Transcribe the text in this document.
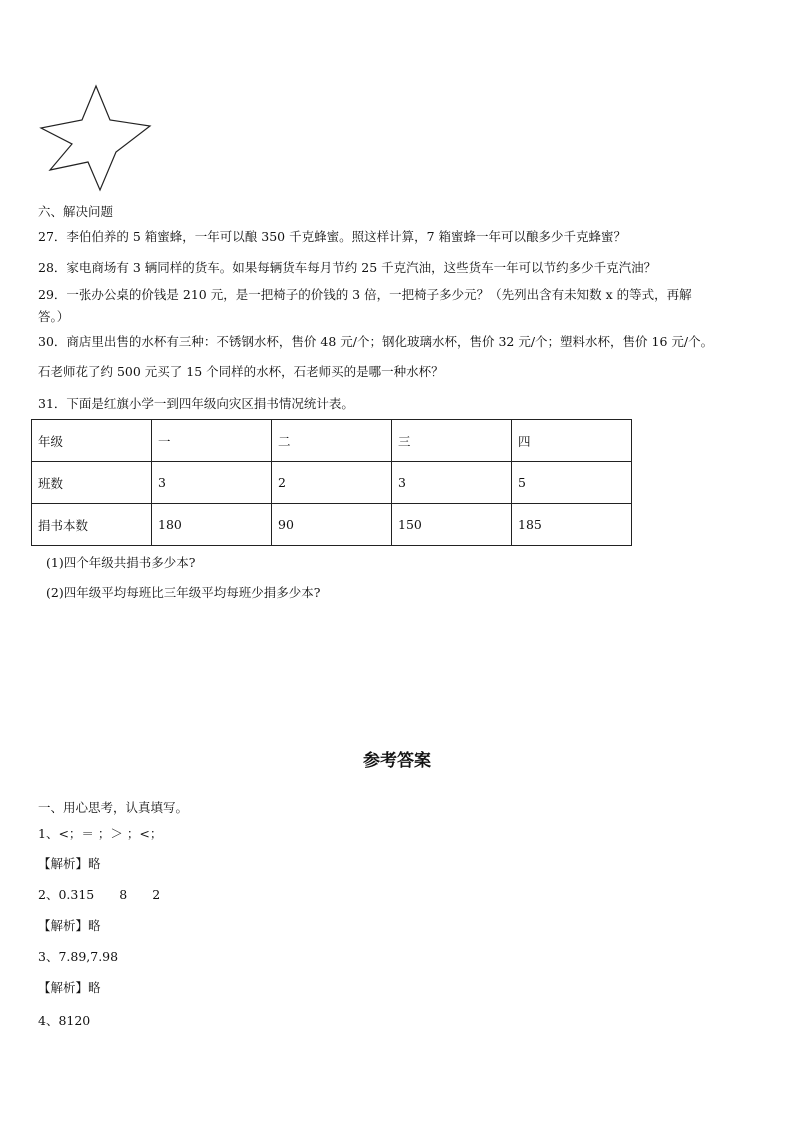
六、解决问题
27．李伯伯养的 5 箱蜜蜂，一年可以酿 350 千克蜂蜜。照这样计算，7 箱蜜蜂一年可以酿多少千克蜂蜜？
28．家电商场有 3 辆同样的货车。如果每辆货车每月节约 25 千克汽油，这些货车一年可以节约多少千克汽油？
29．一张办公桌的价钱是 210 元，是一把椅子的价钱的 3 倍，一把椅子多少元？（先列出含有未知数 x 的等式，再解
答。）
30．商店里出售的水杯有三种：不锈钢水杯，售价 48 元/个；钢化玻璃水杯，售价 32 元/个；塑料水杯，售价 16 元/个。
石老师花了约 500 元买了 15 个同样的水杯，石老师买的是哪一种水杯？
31．下面是红旗小学一到四年级向灾区捐书情况统计表。
年级	一	二	三	四
班数	3	2	3	5
捐书本数	180	90	150	185
(1)四个年级共捐书多少本?
(2)四年级平均每班比三年级平均每班少捐多少本?
参考答案
一、用心思考，认真填写。
1、<；＝ ；＞ ；<；
【解析】略
2、0.315　　8　　2
【解析】略
3、7.89,7.98
【解析】略
4、8120
